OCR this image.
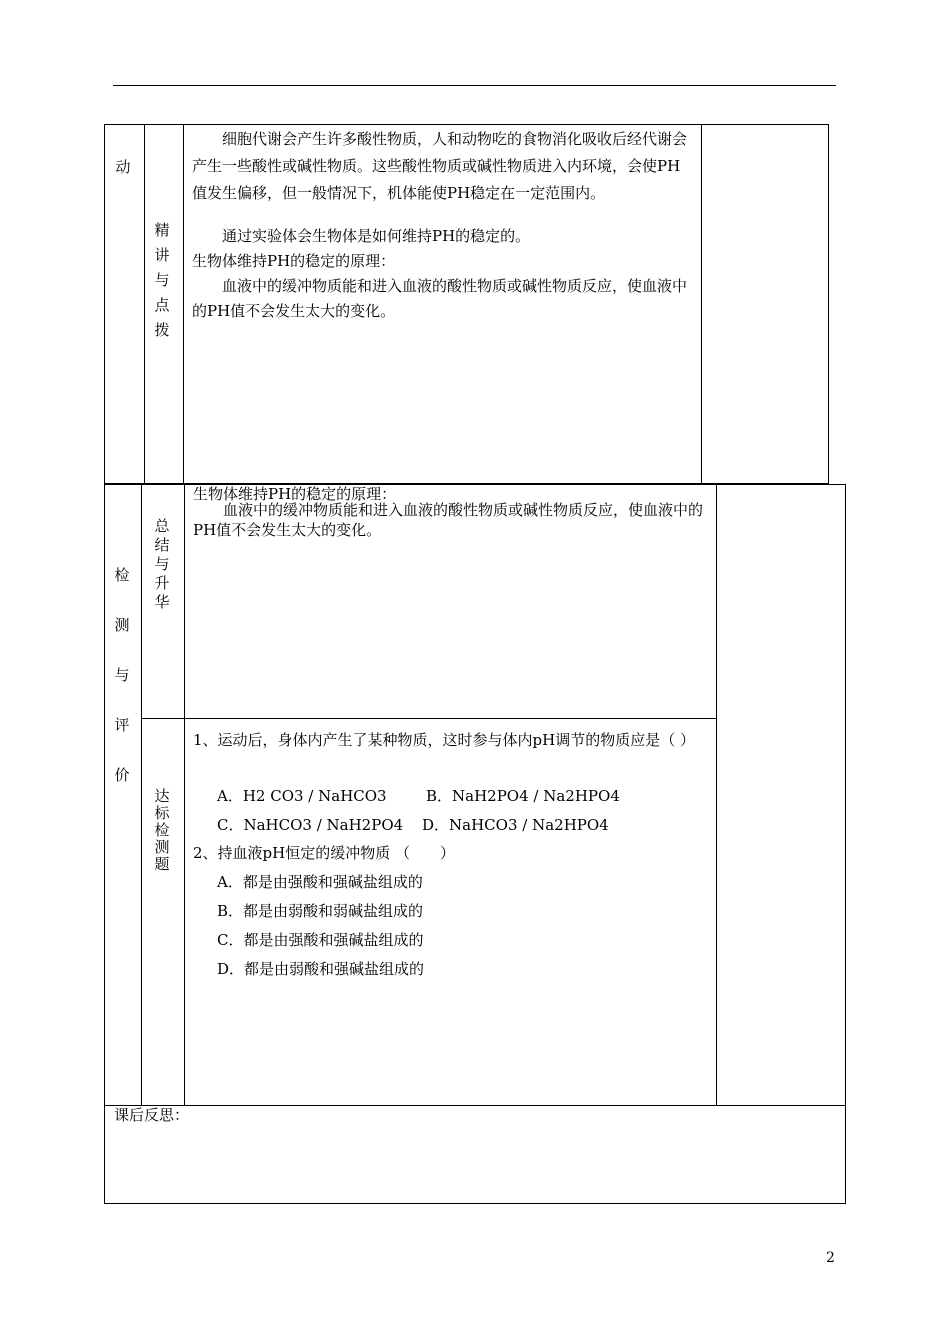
动
精
讲
与
点
拨
细胞代谢会产生许多酸性物质，人和动物吃的食物消化吸收后经代谢会产生一些酸性或碱性物质。这些酸性物质或碱性物质进入内环境，会使PH值发生偏移，但一般情况下，机体能使PH稳定在一定范围内。
通过实验体会生物体是如何维持PH的稳定的。
生物体维持PH的稳定的原理：
血液中的缓冲物质能和进入血液的酸性物质或碱性物质反应，使血液中的PH值不会发生太大的变化。
检
测
与
评
价
总
结
与
升
华
达
标
检
测
题
生物体维持PH的稳定的原理：
血液中的缓冲物质能和进入血液的酸性物质或碱性物质反应，使血液中的PH值不会发生太大的变化。
1、运动后，身体内产生了某种物质，这时参与体内pH调节的物质应是（ ）
A．H2 CO3 / NaHCO3	B．NaH2PO4 / Na2HPO4
C．NaHCO3 / NaH2PO4 D．NaHCO3 / Na2HPO4
2、持血液pH恒定的缓冲物质 （　　）
A．都是由强酸和强碱盐组成的
B．都是由弱酸和弱碱盐组成的
C．都是由强酸和强碱盐组成的
D．都是由弱酸和强碱盐组成的
课后反思：
2
